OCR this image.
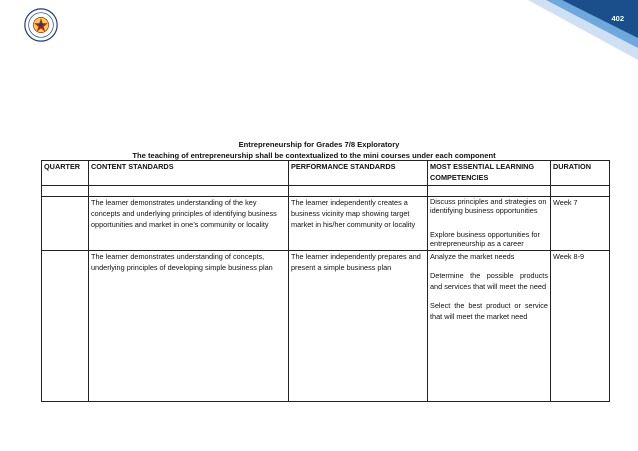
402
Entrepreneurship for Grades 7/8 Exploratory
The teaching of entrepreneurship shall be contextualized to the mini courses under each component
QUARTER	CONTENT STANDARDS	PERFORMANCE STANDARDS	MOST ESSENTIAL LEARNING COMPETENCIES	DURATION

	The learner demonstrates understanding of the key concepts and underlying principles of identifying business opportunities and market in one’s community or locality	The learner independently creates a business vicinity map showing target market in his/her community or locality	Discuss principles and strategies on identifying business opportunities
Explore business opportunities for entrepreneurship as a career	Week 7
	The learner demonstrates understanding of concepts, underlying principles of developing simple business plan	The learner independently prepares and present a simple business plan	Analyze the market needs
Determine the possible products and services that will meet the need
Select the best product or service that will meet the market need	Week 8-9
